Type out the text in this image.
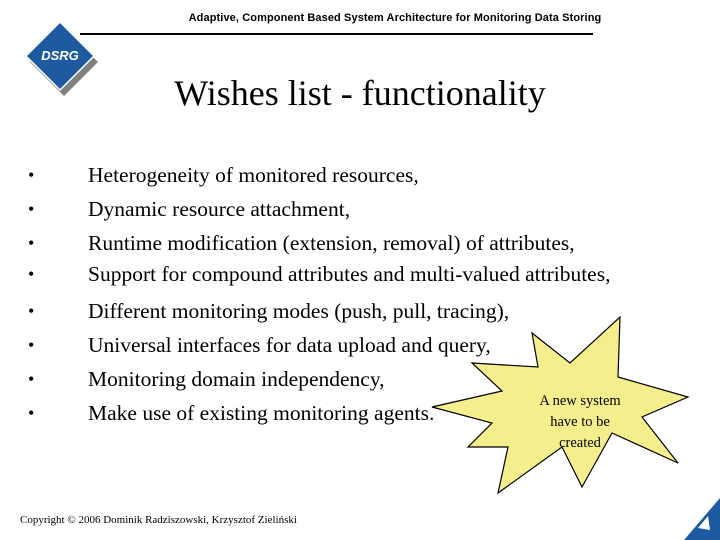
Adaptive, Component Based System Architecture for Monitoring Data Storing
DSRG
Wishes list - functionality
•	Heterogeneity of monitored resources,
•	Dynamic resource attachment,
•	Runtime modification (extension, removal) of attributes,
•	Support for compound attributes and multi-valued attributes,
•	Different monitoring modes (push, pull, tracing),
•	Universal interfaces for data upload and query,
•	Monitoring domain independency,
•	Make use of existing monitoring agents.	A new system
have to be
created
Copyright © 2006 Dominik Radziszowski, Krzysztof Zieliński
